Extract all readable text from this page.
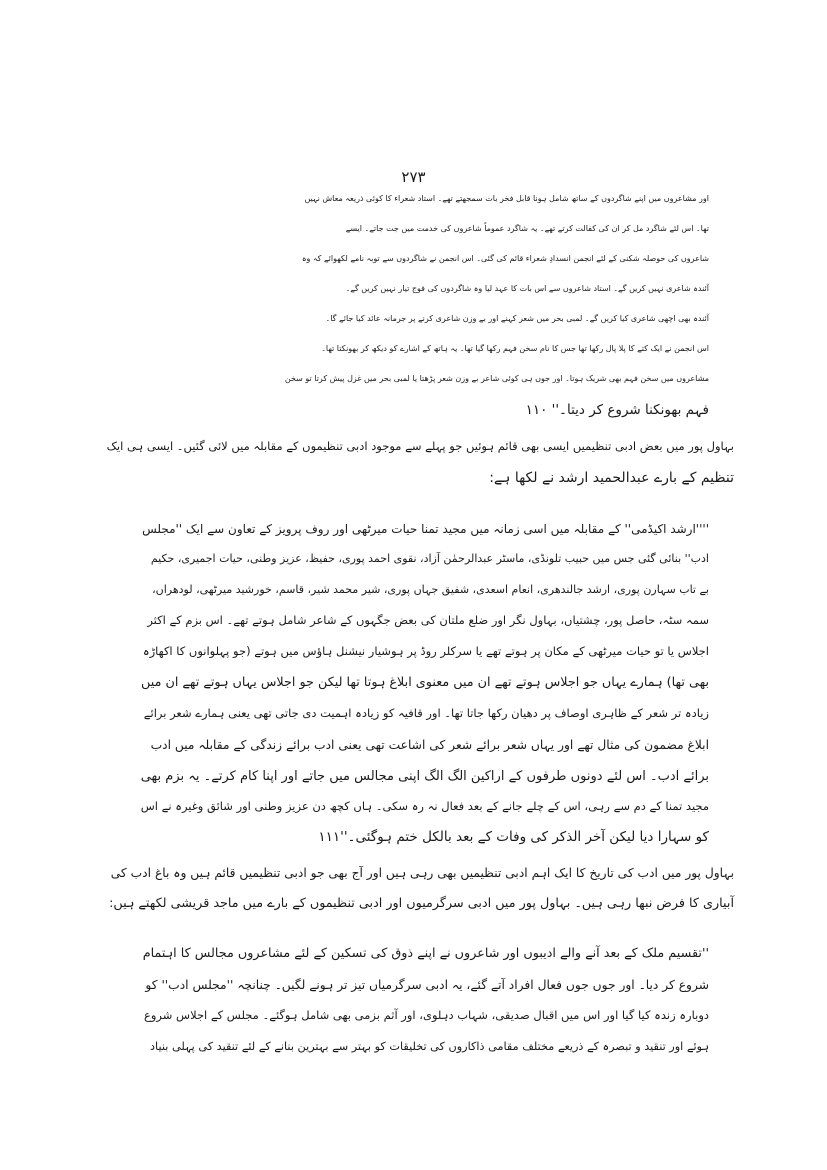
۲۷۳
اور مشاعروں میں اپنے شاگردوں کے ساتھ شامل ہونا قابل فخر بات سمجھتے تھے۔ استاد شعراء کا کوئی ذریعہ معاش نہیں
تھا۔ اس لئے شاگرد مل کر ان کی کفالت کرتے تھے۔ یہ شاگرد عموماً شاعروں کی خدمت میں جت جاتے۔ ایسے
شاعروں کی حوصلہ شکنی کے لئے انجمن انسدادِ شعراء قائم کی گئی۔ اس انجمن نے شاگردوں سے توبہ نامے لکھوائے کہ وہ
آئندہ شاعری نہیں کریں گے۔ استاد شاعروں سے اس بات کا عہد لیا وہ شاگردوں کی فوج تیار نہیں کریں گے۔
آئندہ بھی اچھی شاعری کیا کریں گے۔ لمبی بحر میں شعر کہنے اور بے وزن شاعری کرنے پر جرمانہ عائد کیا جائے گا۔
اس انجمن نے ایک کتے کا پلا پال رکھا تھا جس کا نام سخن فہم رکھا گیا تھا۔ یہ ہاتھ کے اشارے کو دیکھ کر بھونکتا تھا۔
مشاعروں میں سخن فہم بھی شریک ہوتا۔ اور جوں ہی کوئی شاعر بے وزن شعر پڑھتا یا لمبی بحر میں غزل پیش کرتا تو سخن
فہم بھونکنا شروع کر دیتا۔'' ۱۱۰
بہاول پور میں بعض ادبی تنظیمیں ایسی بھی قائم ہوئیں جو پہلے سے موجود ادبی تنظیموں کے مقابلہ میں لائی گئیں۔ ایسی ہی ایک
تنظیم کے بارے عبدالحمید ارشد نے لکھا ہے:
''''ارشد اکیڈمی'' کے مقابلہ میں اسی زمانہ میں مجید تمنا حیات میرٹھی اور روف پرویز کے تعاون سے ایک ''مجلس
ادب'' بنائی گئی جس میں حبیب تلونڈی، ماسٹر عبدالرحمٰن آزاد، نقوی احمد پوری، حفیظ، عزیز وطنی، حیات اجمیری، حکیم
بے تاب سہارن پوری، ارشد جالندھری، انعام اسعدی، شفیق جہاں پوری، شیر محمد شیر، قاسم، خورشید میرٹھی، لودھراں،
سمہ سٹہ، حاصل پور، چشتیاں، بہاول نگر اور ضلع ملتان کی بعض جگہوں کے شاعر شامل ہوتے تھے۔ اس بزم کے اکثر
اجلاس یا تو حیات میرٹھی کے مکان پر ہوتے تھے یا سرکلر روڈ پر ہوشیار نیشنل ہاؤس میں ہوتے (جو پہلوانوں کا اکھاڑہ
بھی تھا) ہمارے یہاں جو اجلاس ہوتے تھے ان میں معنوی ابلاغ ہوتا تھا لیکن جو اجلاس یہاں ہوتے تھے ان میں
زیادہ تر شعر کے ظاہری اوصاف پر دھیان رکھا جاتا تھا۔ اور قافیہ کو زیادہ اہمیت دی جاتی تھی یعنی ہمارے شعر برائے
ابلاغ مضمون کی مثال تھے اور یہاں شعر برائے شعر کی اشاعت تھی یعنی ادب برائے زندگی کے مقابلہ میں ادب
برائے ادب۔ اس لئے دونوں طرفوں کے اراکین الگ الگ اپنی مجالس میں جاتے اور اپنا کام کرتے۔ یہ بزم بھی
مجید تمنا کے دم سے رہی، اس کے چلے جانے کے بعد فعال نہ رہ سکی۔ ہاں کچھ دن عزیز وطنی اور شائق وغیرہ نے اس
کو سہارا دیا لیکن آخر الذکر کی وفات کے بعد بالکل ختم ہوگئی۔''۱۱۱
بہاول پور میں ادب کی تاریخ کا ایک اہم ادبی تنظیمیں بھی رہی ہیں اور آج بھی جو ادبی تنظیمیں قائم ہیں وہ باغ ادب کی
آبیاری کا فرض نبھا رہی ہیں۔ بہاول پور میں ادبی سرگرمیوں اور ادبی تنظیموں کے بارے میں ماجد قریشی لکھتے ہیں:
''تقسیم ملک کے بعد آنے والے ادیبوں اور شاعروں نے اپنے ذوق کی تسکین کے لئے مشاعروں مجالس کا اہتمام
شروع کر دیا۔ اور جوں جوں فعال افراد آتے گئے، یہ ادبی سرگرمیاں تیز تر ہونے لگیں۔ چنانچہ ''مجلس ادب'' کو
دوبارہ زندہ کیا گیا اور اس میں اقبال صدیقی، شہاب دہلوی، اور آثم بزمی بھی شامل ہوگئے۔ مجلس کے اجلاس شروع
ہوئے اور تنقید و تبصرہ کے ذریعے مختلف مقامی ذاکاروں کی تخلیقات کو بہتر سے بہترین بنانے کے لئے تنقید کی پہلی بنیاد
